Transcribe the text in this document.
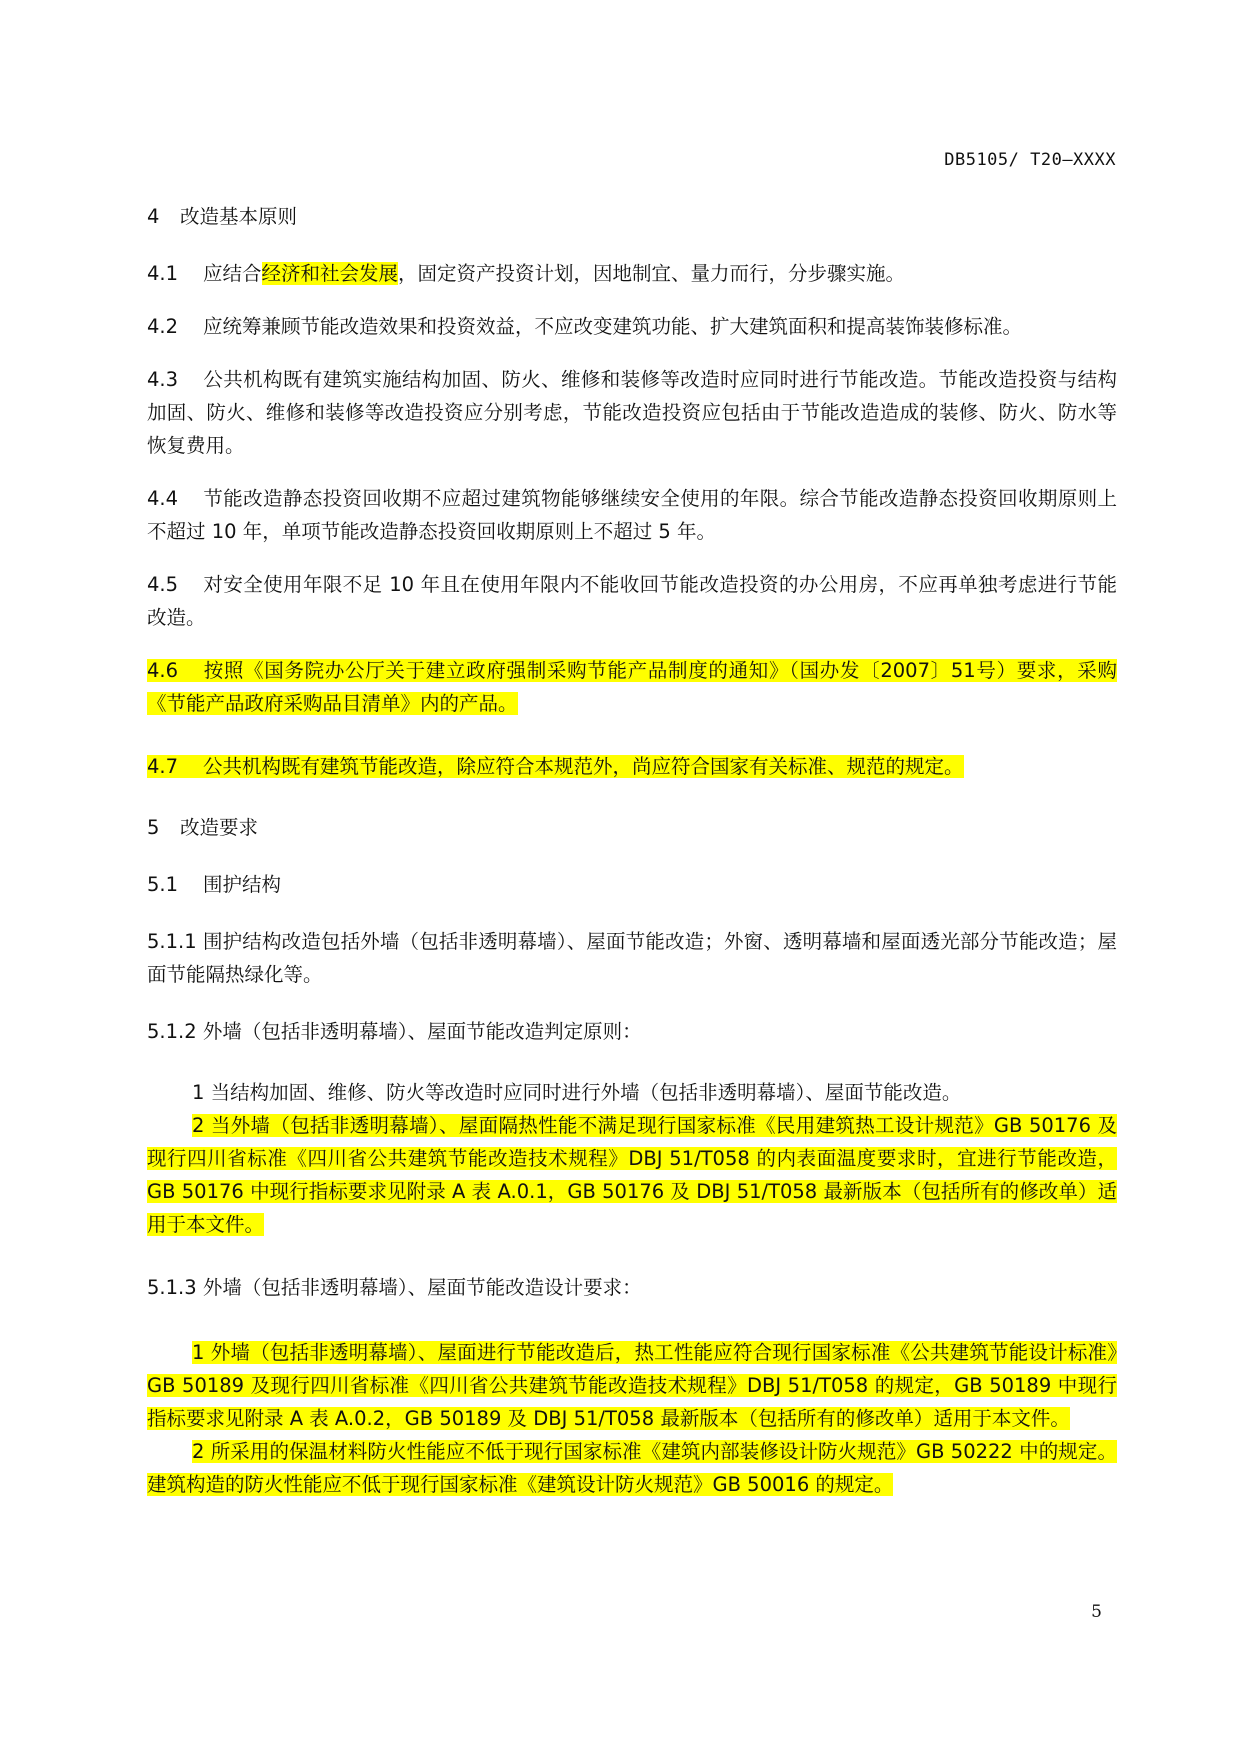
DB5105/ T20—XXXX

4 改造基本原则

4.1 应结合经济和社会发展，固定资产投资计划，因地制宜、量力而行，分步骤实施。

4.2 应统筹兼顾节能改造效果和投资效益，不应改变建筑功能、扩大建筑面积和提高装饰装修标准。

4.3 公共机构既有建筑实施结构加固、防火、维修和装修等改造时应同时进行节能改造。节能改造投资与结构加固、防火、维修和装修等改造投资应分别考虑，节能改造投资应包括由于节能改造造成的装修、防火、防水等恢复费用。

4.4 节能改造静态投资回收期不应超过建筑物能够继续安全使用的年限。综合节能改造静态投资回收期原则上不超过 10 年，单项节能改造静态投资回收期原则上不超过 5 年。

4.5 对安全使用年限不足 10 年且在使用年限内不能收回节能改造投资的办公用房，不应再单独考虑进行节能改造。

4.6 按照《国务院办公厅关于建立政府强制采购节能产品制度的通知》（国办发〔2007〕51号）要求，采购《节能产品政府采购品目清单》内的产品。

4.7 公共机构既有建筑节能改造，除应符合本规范外，尚应符合国家有关标准、规范的规定。

5 改造要求

5.1 围护结构

5.1.1 围护结构改造包括外墙（包括非透明幕墙）、屋面节能改造；外窗、透明幕墙和屋面透光部分节能改造；屋面节能隔热绿化等。

5.1.2 外墙（包括非透明幕墙）、屋面节能改造判定原则：

1 当结构加固、维修、防火等改造时应同时进行外墙（包括非透明幕墙）、屋面节能改造。

2 当外墙（包括非透明幕墙）、屋面隔热性能不满足现行国家标准《民用建筑热工设计规范》GB 50176 及现行四川省标准《四川省公共建筑节能改造技术规程》DBJ 51/T058 的内表面温度要求时，宜进行节能改造，GB 50176 中现行指标要求见附录 A 表 A.0.1，GB 50176 及 DBJ 51/T058 最新版本（包括所有的修改单）适用于本文件。

5.1.3 外墙（包括非透明幕墙）、屋面节能改造设计要求：

1 外墙（包括非透明幕墙）、屋面进行节能改造后，热工性能应符合现行国家标准《公共建筑节能设计标准》GB 50189 及现行四川省标准《四川省公共建筑节能改造技术规程》DBJ 51/T058 的规定，GB 50189 中现行指标要求见附录 A 表 A.0.2，GB 50189 及 DBJ 51/T058 最新版本（包括所有的修改单）适用于本文件。

2 所采用的保温材料防火性能应不低于现行国家标准《建筑内部装修设计防火规范》GB 50222 中的规定。建筑构造的防火性能应不低于现行国家标准《建筑设计防火规范》GB 50016 的规定。

5
